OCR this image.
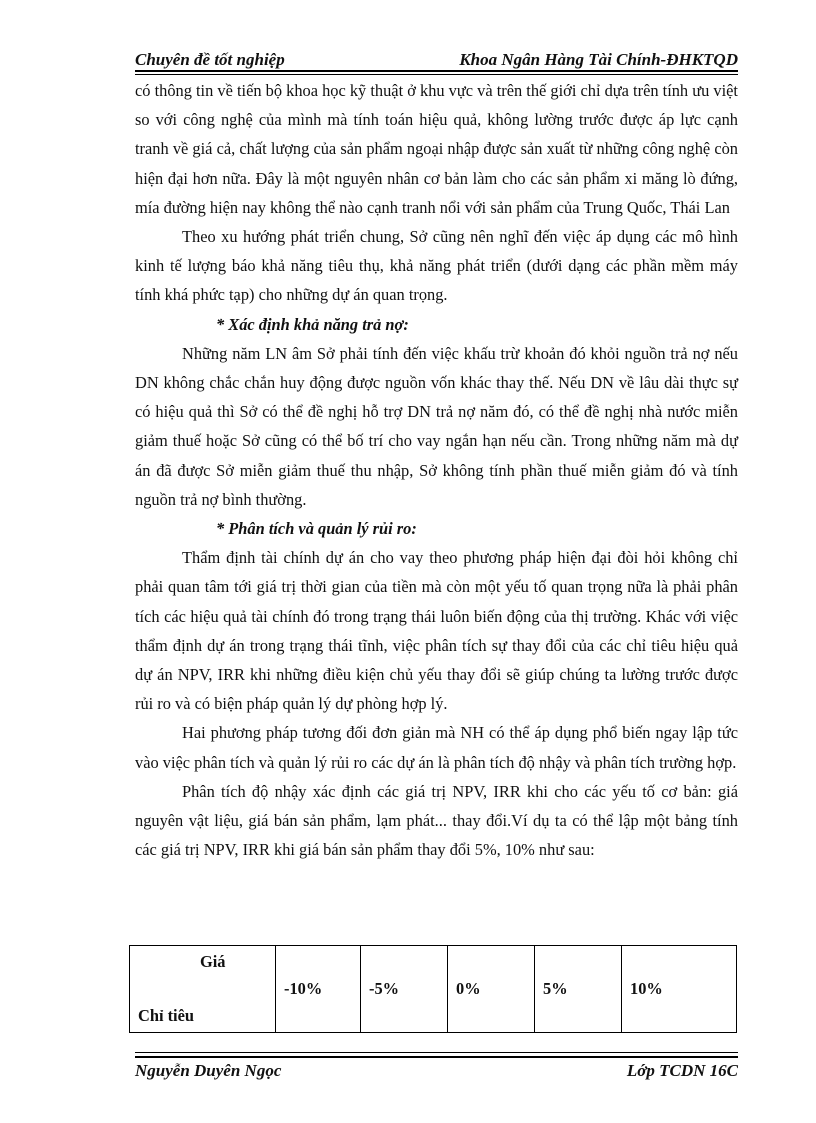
Chuyên đề tốt nghiệp	Khoa Ngân Hàng Tài Chính-ĐHKTQD

có thông tin về tiến bộ khoa học kỹ thuật ở khu vực và trên thế giới chỉ dựa trên tính ưu việt so với công nghệ của mình mà tính toán hiệu quả, không lường trước được áp lực cạnh tranh về giá cả, chất lượng của sản phẩm ngoại nhập được sản xuất từ những công nghệ còn hiện đại hơn nữa. Đây là một nguyên nhân cơ bản làm cho các sản phẩm xi măng lò đứng, mía đường hiện nay không thể nào cạnh tranh nổi với sản phẩm của Trung Quốc, Thái Lan

Theo xu hướng phát triển chung, Sở cũng nên nghĩ đến việc áp dụng các mô hình kinh tế lượng báo khả năng tiêu thụ, khả năng phát triển (dưới dạng các phần mềm máy tính khá phức tạp) cho những dự án quan trọng.

* Xác định khả năng trả nợ:

Những năm LN âm Sở phải tính đến việc khấu trừ khoản đó khỏi nguồn trả nợ nếu DN không chắc chắn huy động được nguồn vốn khác thay thế. Nếu DN về lâu dài thực sự có hiệu quả thì Sở có thể đề nghị hỗ trợ DN trả nợ năm đó, có thể đề nghị nhà nước miễn giảm thuế hoặc Sở cũng có thể bố trí cho vay ngắn hạn nếu cần. Trong những năm mà dự án đã được Sở miễn giảm thuế thu nhập, Sở không tính phần thuế miễn giảm đó và tính nguồn trả nợ bình thường.

* Phân tích và quản lý rủi ro:

Thẩm định tài chính dự án cho vay theo phương pháp hiện đại đòi hỏi không chỉ phải quan tâm tới giá trị thời gian của tiền mà còn một yếu tố quan trọng nữa là phải phân tích các hiệu quả tài chính đó trong trạng thái luôn biến động của thị trường. Khác với việc thẩm định dự án trong trạng thái tĩnh, việc phân tích sự thay đổi của các chỉ tiêu hiệu quả dự án NPV, IRR khi những điều kiện chủ yếu thay đổi sẽ giúp chúng ta lường trước được rủi ro và có biện pháp quản lý dự phòng hợp lý.

Hai phương pháp tương đối đơn giản mà NH có thể áp dụng phổ biến ngay lập tức vào việc phân tích và quản lý rủi ro các dự án là phân tích độ nhậy và phân tích trường hợp.

Phân tích độ nhậy xác định các giá trị NPV, IRR khi cho các yếu tố cơ bản: giá nguyên vật liệu, giá bán sản phẩm, lạm phát... thay đổi.Ví dụ ta có thể lập một bảng tính các giá trị NPV, IRR khi giá bán sản phẩm thay đổi 5%, 10% như sau:

Giá
Chỉ tiêu
	-10%	-5%	0%	5%	10%
Nguyễn Duyên Ngọc	Lớp TCDN 16C
